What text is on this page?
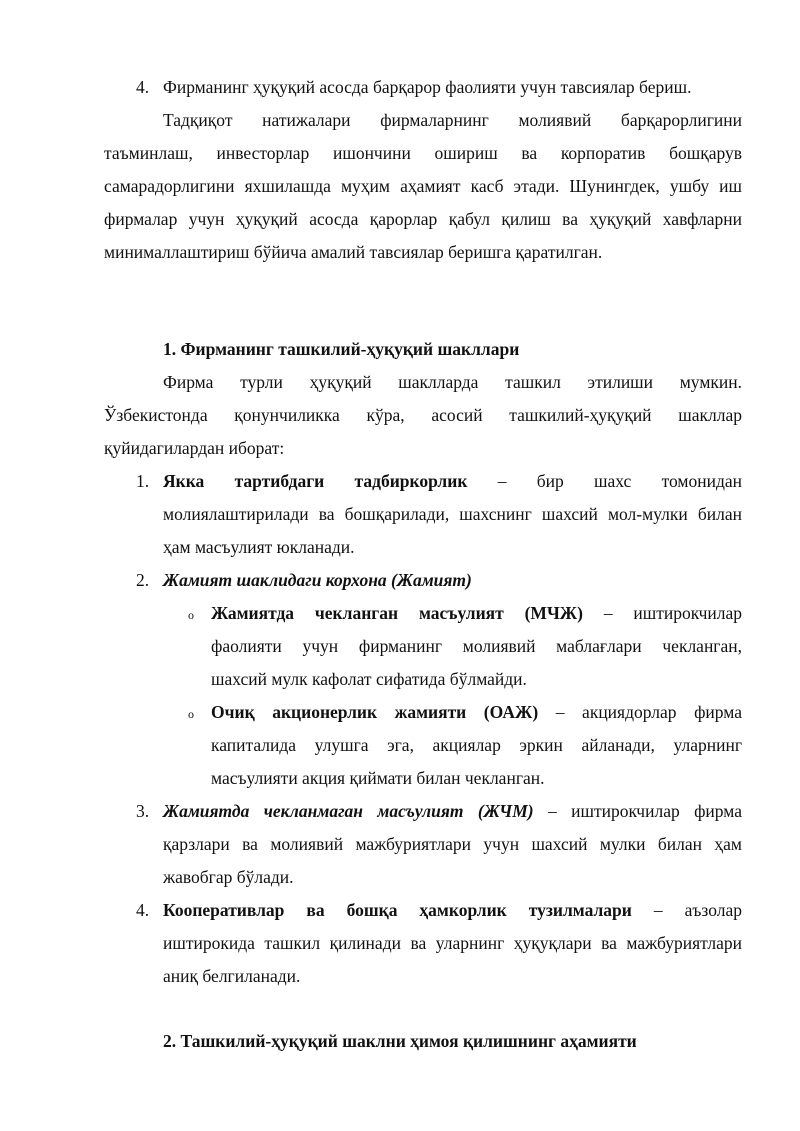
4. Фирманинг ҳуқуқий асосда барқарор фаолияти учун тавсиялар бериш.
Тадқиқот натижалари фирмаларнинг молиявий барқарорлигини
таъминлаш, инвесторлар ишончини ошириш ва корпоратив бошқарув
самарадорлигини яхшилашда муҳим аҳамият касб этади. Шунингдек, ушбу иш
фирмалар учун ҳуқуқий асосда қарорлар қабул қилиш ва ҳуқуқий хавфларни
минималлаштириш бўйича амалий тавсиялар беришга қаратилган.
1. Фирманинг ташкилий-ҳуқуқий шакллари
Фирма турли ҳуқуқий шаклларда ташкил этилиши мумкин.
Ўзбекистонда қонунчиликка кўра, асосий ташкилий-ҳуқуқий шакллар
қуйидагилардан иборат:
1. Якка тартибдаги тадбиркорлик – бир шахс томонидан
молиялаштирилади ва бошқарилади, шахснинг шахсий мол-мулки билан
ҳам масъулият юкланади.
2. Жамият шаклидаги корхона (Жамият)
o Жамиятда чекланган масъулият (МЧЖ) – иштирокчилар
фаолияти учун фирманинг молиявий маблағлари чекланган,
шахсий мулк кафолат сифатида бўлмайди.
o Очиқ акционерлик жамияти (ОАЖ) – акциядорлар фирма
капиталида улушга эга, акциялар эркин айланади, уларнинг
масъулияти акция қиймати билан чекланган.
3. Жамиятда чекланмаган масъулият (ЖЧМ) – иштирокчилар фирма
қарзлари ва молиявий мажбуриятлари учун шахсий мулки билан ҳам
жавобгар бўлади.
4. Кооперативлар ва бошқа ҳамкорлик тузилмалари – аъзолар
иштирокида ташкил қилинади ва уларнинг ҳуқуқлари ва мажбуриятлари
аниқ белгиланади.
2. Ташкилий-ҳуқуқий шаклни ҳимоя қилишнинг аҳамияти
